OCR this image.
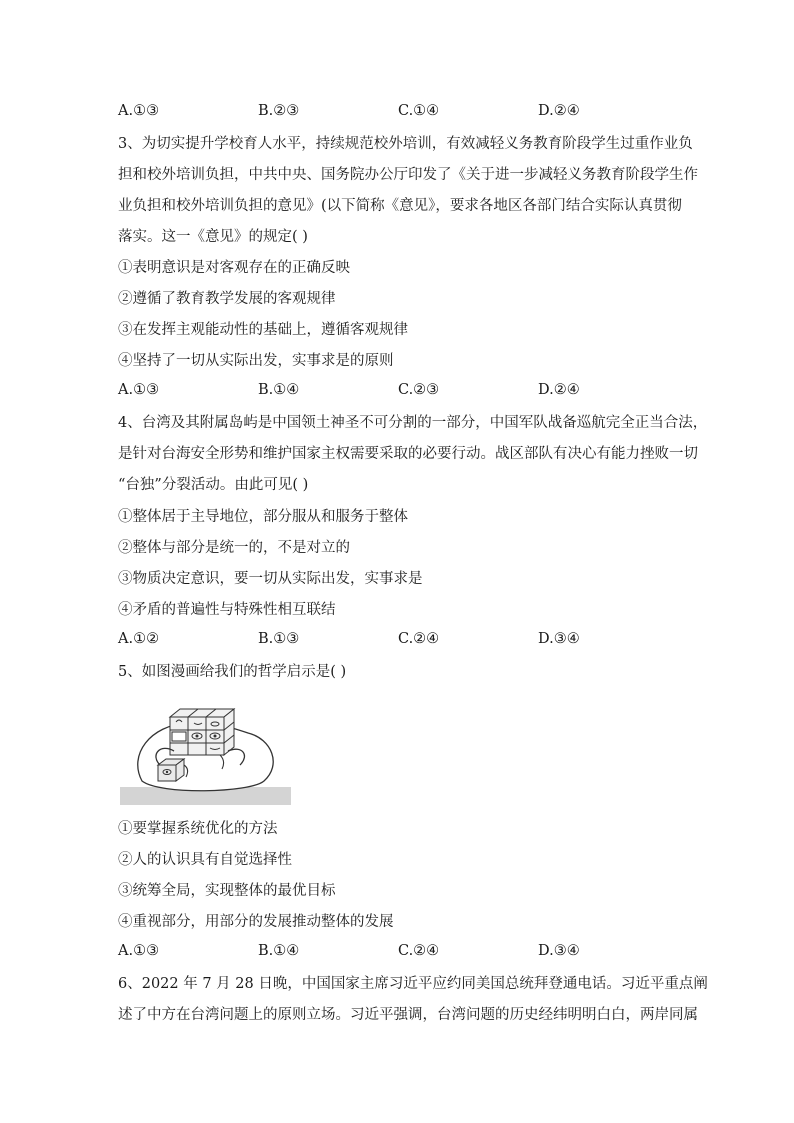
A.①③	B.②③	C.①④	D.②④
3、为切实提升学校育人水平，持续规范校外培训，有效减轻义务教育阶段学生过重作业负
担和校外培训负担，中共中央、国务院办公厅印发了《关于进一步减轻义务教育阶段学生作
业负担和校外培训负担的意见》(以下简称《意见》，要求各地区各部门结合实际认真贯彻
落实。这一《意见》的规定( )
①表明意识是对客观存在的正确反映
②遵循了教育教学发展的客观规律
③在发挥主观能动性的基础上，遵循客观规律
④坚持了一切从实际出发，实事求是的原则
A.①③	B.①④	C.②③	D.②④
4、台湾及其附属岛屿是中国领土神圣不可分割的一部分，中国军队战备巡航完全正当合法，
是针对台海安全形势和维护国家主权需要采取的必要行动。战区部队有决心有能力挫败一切
“台独”分裂活动。由此可见( )
①整体居于主导地位，部分服从和服务于整体
②整体与部分是统一的，不是对立的
③物质决定意识，要一切从实际出发，实事求是
④矛盾的普遍性与特殊性相互联结
A.①②	B.①③	C.②④	D.③④
5、如图漫画给我们的哲学启示是( )
①要掌握系统优化的方法
②人的认识具有自觉选择性
③统筹全局，实现整体的最优目标
④重视部分，用部分的发展推动整体的发展
A.①③	B.①④	C.②④	D.③④
6、2022 年 7 月 28 日晚，中国国家主席习近平应约同美国总统拜登通电话。习近平重点阐
述了中方在台湾问题上的原则立场。习近平强调，台湾问题的历史经纬明明白白，两岸同属
